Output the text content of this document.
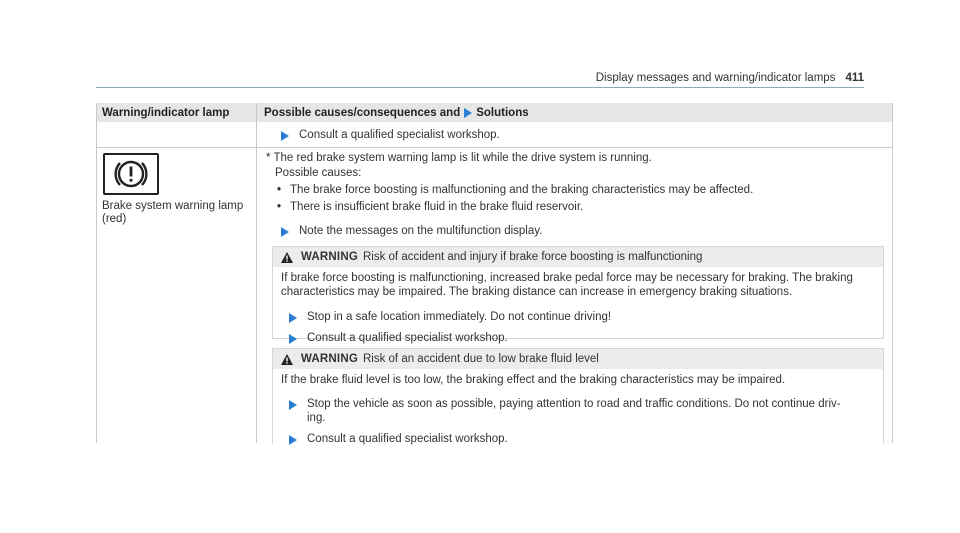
Display messages and warning/indicator lamps 411
Warning/indicator lamp	Possible causes/consequences and Solutions
Consult a qualified specialist workshop.
Brake system warning lamp
(red)
* The red brake system warning lamp is lit while the drive system is running.
Possible causes:
• The brake force boosting is malfunctioning and the braking characteristics may be affected.
• There is insufficient brake fluid in the brake fluid reservoir.
Note the messages on the multifunction display.
WARNING Risk of accident and injury if brake force boosting is malfunctioning
If brake force boosting is malfunctioning, increased brake pedal force may be necessary for braking. The braking
characteristics may be impaired. The braking distance can increase in emergency braking situations.
Stop in a safe location immediately. Do not continue driving!
Consult a qualified specialist workshop.
WARNING Risk of an accident due to low brake fluid level
If the brake fluid level is too low, the braking effect and the braking characteristics may be impaired.
Stop the vehicle as soon as possible, paying attention to road and traffic conditions. Do not continue driv-
ing.
Consult a qualified specialist workshop.
